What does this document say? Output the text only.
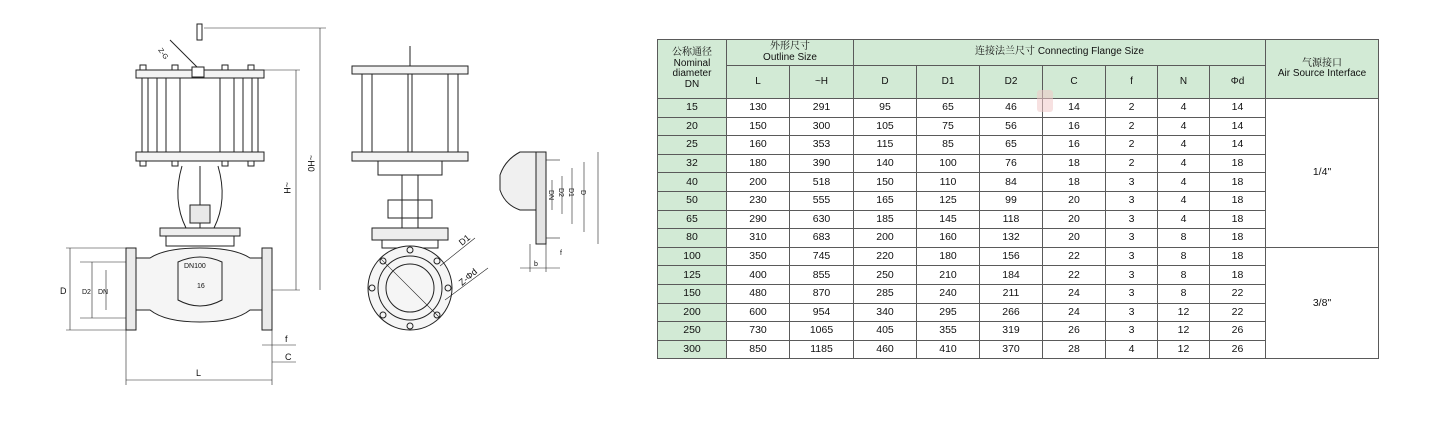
Z-G
DN100
16
D D2 DN
L
~H
~H0
f
C
D1
Z-Φd
DN D2 D1 D
f
b
公称通径
Nominal
diameter
DN	外形尺寸
Outline Size		连接法兰尺寸 Connecting Flange Size							气源接口
Air Source Interface

	L	~H	D	D1	D2	C	f	N	Φd	
15	130	291	95	65	46	14	2	4	14	1/4"
20	150	300	105	75	56	16	2	4	14	
25	160	353	115	85	65	16	2	4	14	
32	180	390	140	100	76	18	2	4	18	
40	200	518	150	110	84	18	3	4	18	
50	230	555	165	125	99	20	3	4	18	
65	290	630	185	145	118	20	3	4	18	
80	310	683	200	160	132	20	3	8	18	
100	350	745	220	180	156	22	3	8	18	3/8"
125	400	855	250	210	184	22	3	8	18	
150	480	870	285	240	211	24	3	8	22	
200	600	954	340	295	266	24	3	12	22	
250	730	1065	405	355	319	26	3	12	26	
300	850	1185	460	410	370	28	4	12	26	
